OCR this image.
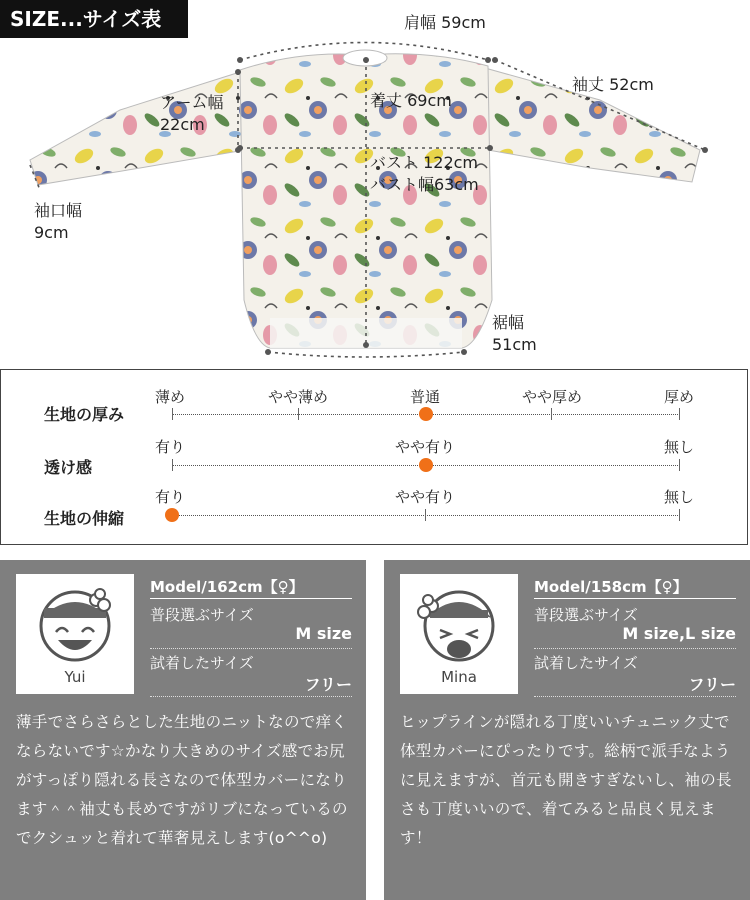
SIZE...サイズ表	肩幅 59cm
袖丈 52cm
アーム幅
22cm
着丈 69cm
バスト 122cm
バスト幅63cm
袖口幅
9cm
裾幅
51cm
生地の厚み
薄め	やや薄め	普通	やや厚め	厚め
透け感
有り	やや有り	無し
生地の伸縮
有り	やや有り	無し
Yui
Model/162cm【♀】
普段選ぶサイズ
M size
試着したサイズ
フリー
薄手でさらさらとした生地のニットなので痒くならないです☆かなり大きめのサイズ感でお尻がすっぽり隠れる長さなので体型カバーになります＾＾袖丈も長めですがリブになっているのでクシュッと着れて華奢見えします(o^^o)
Mina
Model/158cm【♀】
普段選ぶサイズ
M size,L size
試着したサイズ
フリー
ヒップラインが隠れる丁度いいチュニック丈で体型カバーにぴったりです。総柄で派手なように見えますが、首元も開きすぎないし、袖の長さも丁度いいので、着てみると品良く見えます！
